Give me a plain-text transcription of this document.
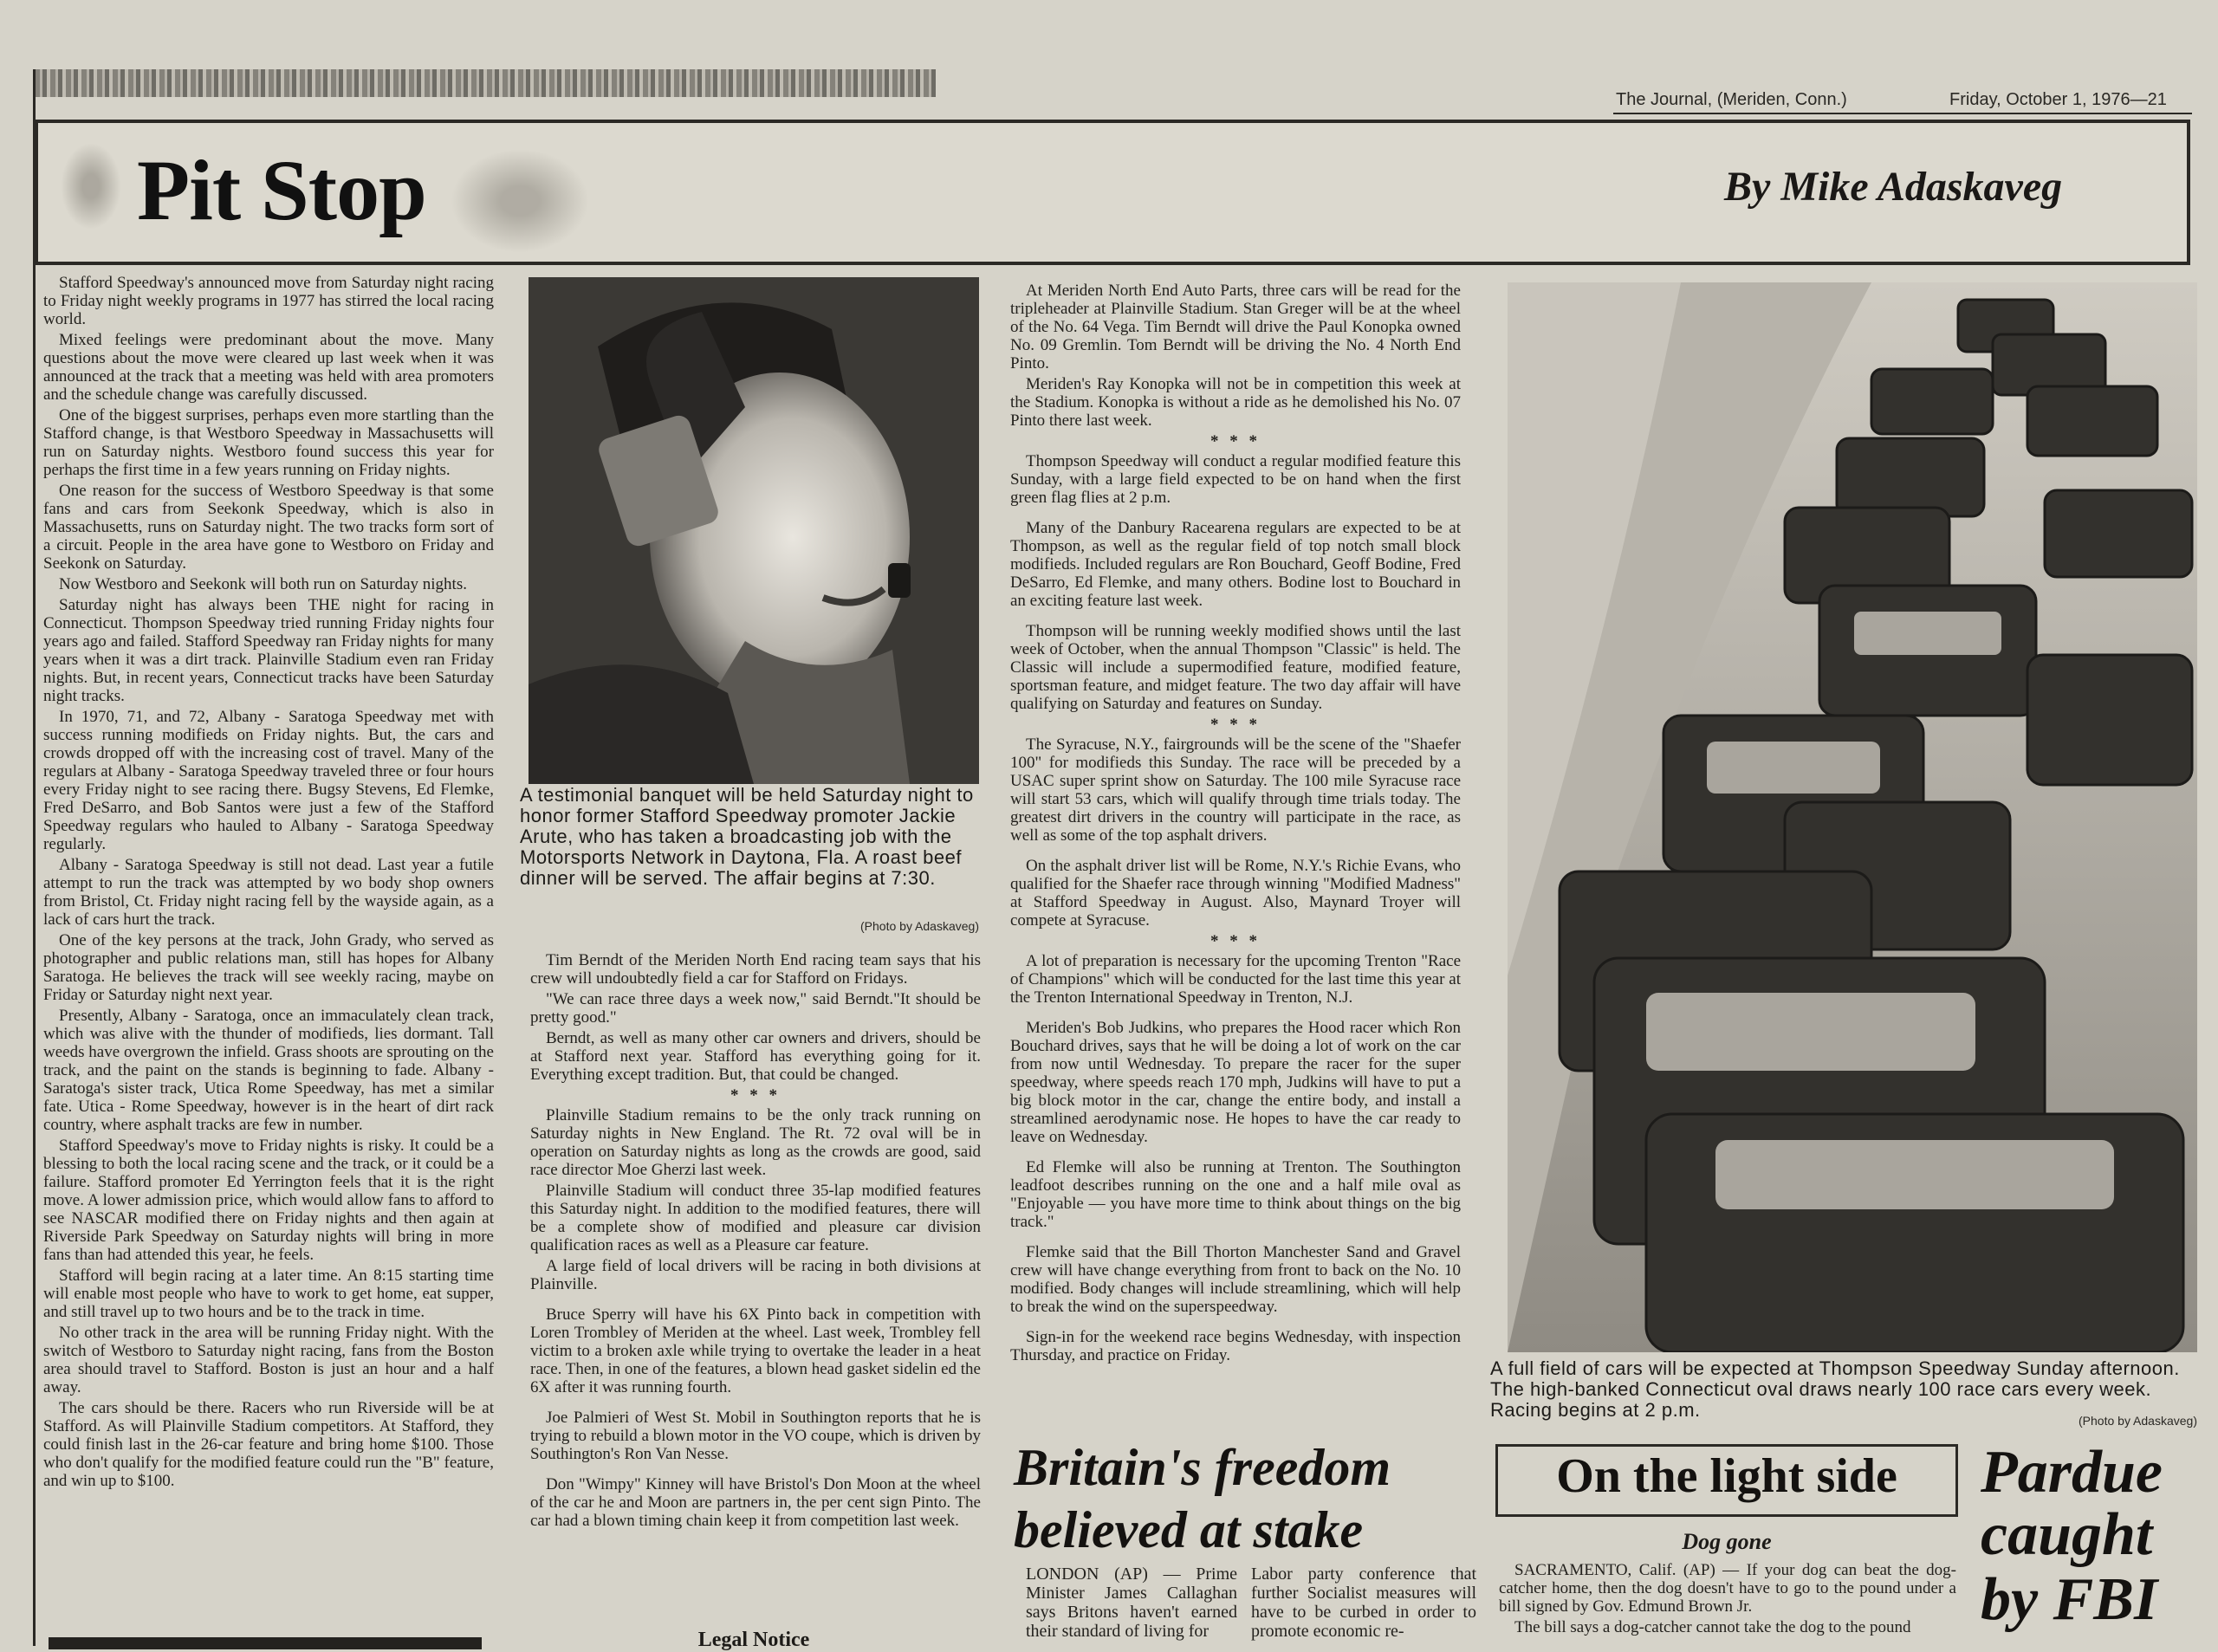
The Journal, (Meriden, Conn.)	Friday, October 1, 1976—21
Pit Stop	By Mike Adaskaveg

Stafford Speedway's announced move from Saturday night racing to Friday night weekly programs in 1977 has stirred the local racing world.

Mixed feelings were predominant about the move. Many questions about the move were cleared up last week when it was announced at the track that a meeting was held with area promoters and the schedule change was carefully discussed.

One of the biggest surprises, perhaps even more startling than the Stafford change, is that Westboro Speedway in Massachusetts will run on Saturday nights. Westboro found success this year for perhaps the first time in a few years running on Friday nights.

One reason for the success of Westboro Speedway is that some fans and cars from Seekonk Speedway, which is also in Massachusetts, runs on Saturday night. The two tracks form sort of a circuit. People in the area have gone to Westboro on Friday and Seekonk on Saturday.

Now Westboro and Seekonk will both run on Saturday nights.

Saturday night has always been THE night for racing in Connecticut. Thompson Speedway tried running Friday nights four years ago and failed. Stafford Speedway ran Friday nights for many years when it was a dirt track. Plainville Stadium even ran Friday nights. But, in recent years, Connecticut tracks have been Saturday night tracks.

In 1970, 71, and 72, Albany - Saratoga Speedway met with success running modifieds on Friday nights. But, the cars and crowds dropped off with the increasing cost of travel. Many of the regulars at Albany - Saratoga Speedway traveled three or four hours every Friday night to see racing there. Bugsy Stevens, Ed Flemke, Fred DeSarro, and Bob Santos were just a few of the Stafford Speedway regulars who hauled to Albany - Saratoga Speedway regularly.

Albany - Saratoga Speedway is still not dead. Last year a futile attempt to run the track was attempted by wo body shop owners from Bristol, Ct. Friday night racing fell by the wayside again, as a lack of cars hurt the track.

One of the key persons at the track, John Grady, who served as photographer and public relations man, still has hopes for Albany Saratoga. He believes the track will see weekly racing, maybe on Friday or Saturday night next year.

Presently, Albany - Saratoga, once an immaculately clean track, which was alive with the thunder of modifieds, lies dormant. Tall weeds have overgrown the infield. Grass shoots are sprouting on the track, and the paint on the stands is beginning to fade. Albany - Saratoga's sister track, Utica Rome Speedway, has met a similar fate. Utica - Rome Speedway, however is in the heart of dirt rack country, where asphalt tracks are few in number.

Stafford Speedway's move to Friday nights is risky. It could be a blessing to both the local racing scene and the track, or it could be a failure. Stafford promoter Ed Yerrington feels that it is the right move. A lower admission price, which would allow fans to afford to see NASCAR modified there on Friday nights and then again at Riverside Park Speedway on Saturday nights will bring in more fans than had attended this year, he feels.

Stafford will begin racing at a later time. An 8:15 starting time will enable most people who have to work to get home, eat supper, and still travel up to two hours and be to the track in time.

No other track in the area will be running Friday night. With the switch of Westboro to Saturday night racing, fans from the Boston area should travel to Stafford. Boston is just an hour and a half away.

The cars should be there. Racers who run Riverside will be at Stafford. As will Plainville Stadium competitors. At Stafford, they could finish last in the 26-car feature and bring home $100. Those who don't qualify for the modified feature could run the "B" feature, and win up to $100.

A testimonial banquet will be held Saturday night to honor former Stafford Speedway promoter Jackie Arute, who has taken a broadcasting job with the Motorsports Network in Daytona, Fla. A roast beef dinner will be served. The affair begins at 7:30.
(Photo by Adaskaveg)

Tim Berndt of the Meriden North End racing team says that his crew will undoubtedly field a car for Stafford on Fridays.

"We can race three days a week now," said Berndt."It should be pretty good."

Berndt, as well as many other car owners and drivers, should be at Stafford next year. Stafford has everything going for it. Everything except tradition. But, that could be changed.

* * *

Plainville Stadium remains to be the only track running on Saturday nights in New England. The Rt. 72 oval will be in operation on Saturday nights as long as the crowds are good, said race director Moe Gherzi last week.

Plainville Stadium will conduct three 35-lap modified features this Saturday night. In addition to the modified features, there will be a complete show of modified and pleasure car division qualification races as well as a Pleasure car feature.

A large field of local drivers will be racing in both divisions at Plainville.

Bruce Sperry will have his 6X Pinto back in competition with Loren Trombley of Meriden at the wheel. Last week, Trombley fell victim to a broken axle while trying to overtake the leader in a heat race. Then, in one of the features, a blown head gasket sidelin ed the 6X after it was running fourth.

Joe Palmieri of West St. Mobil in Southington reports that he is trying to rebuild a blown motor in the VO coupe, which is driven by Southington's Ron Van Nesse.

Don "Wimpy" Kinney will have Bristol's Don Moon at the wheel of the car he and Moon are partners in, the per cent sign Pinto. The car had a blown timing chain keep it from competition last week.

At Meriden North End Auto Parts, three cars will be read for the tripleheader at Plainville Stadium. Stan Greger will be at the wheel of the No. 64 Vega. Tim Berndt will drive the Paul Konopka owned No. 09 Gremlin. Tom Berndt will be driving the No. 4 North End Pinto.

Meriden's Ray Konopka will not be in competition this week at the Stadium. Konopka is without a ride as he demolished his No. 07 Pinto there last week.

* * *

Thompson Speedway will conduct a regular modified feature this Sunday, with a large field expected to be on hand when the first green flag flies at 2 p.m.

Many of the Danbury Racearena regulars are expected to be at Thompson, as well as the regular field of top notch small block modifieds. Included regulars are Ron Bouchard, Geoff Bodine, Fred DeSarro, Ed Flemke, and many others. Bodine lost to Bouchard in an exciting feature last week.

Thompson will be running weekly modified shows until the last week of October, when the annual Thompson "Classic" is held. The Classic will include a supermodified feature, modified feature, sportsman feature, and midget feature. The two day affair will have qualifying on Saturday and features on Sunday.

* * *

The Syracuse, N.Y., fairgrounds will be the scene of the "Shaefer 100" for modifieds this Sunday. The race will be preceded by a USAC super sprint show on Saturday. The 100 mile Syracuse race will start 53 cars, which will qualify through time trials today. The greatest dirt drivers in the country will participate in the race, as well as some of the top asphalt drivers.

On the asphalt driver list will be Rome, N.Y.'s Richie Evans, who qualified for the Shaefer race through winning "Modified Madness" at Stafford Speedway in August. Also, Maynard Troyer will compete at Syracuse.

* * *

A lot of preparation is necessary for the upcoming Trenton "Race of Champions" which will be conducted for the last time this year at the Trenton International Speedway in Trenton, N.J.

Meriden's Bob Judkins, who prepares the Hood racer which Ron Bouchard drives, says that he will be doing a lot of work on the car from now until Wednesday. To prepare the racer for the super speedway, where speeds reach 170 mph, Judkins will have to put a big block motor in the car, change the entire body, and install a streamlined aerodynamic nose. He hopes to have the car ready to leave on Wednesday.

Ed Flemke will also be running at Trenton. The Southington leadfoot describes running on the one and a half mile oval as "Enjoyable — you have more time to think about things on the big track."

Flemke said that the Bill Thorton Manchester Sand and Gravel crew will have change everything from front to back on the No. 10 modified. Body changes will include streamlining, which will help to break the wind on the superspeedway.

Sign-in for the weekend race begins Wednesday, with inspection Thursday, and practice on Friday.

A full field of cars will be expected at Thompson Speedway Sunday afternoon. The high-banked Connecticut oval draws nearly 100 race cars every week. Racing begins at 2 p.m.	(Photo by Adaskaveg)
Britain's freedom
believed at stake
LONDON (AP) — Prime Minister James Callaghan says Britons haven't earned their standard of living for
Labor party conference that further Socialist measures will have to be curbed in order to promote economic re-
On the light side
Dog gone
SACRAMENTO, Calif. (AP) — If your dog can beat the dog-catcher home, then the dog doesn't have to go to the pound under a bill signed by Gov. Edmund Brown Jr.
The bill says a dog-catcher cannot take the dog to the pound
Pardue
caught
by FBI
Legal Notice
